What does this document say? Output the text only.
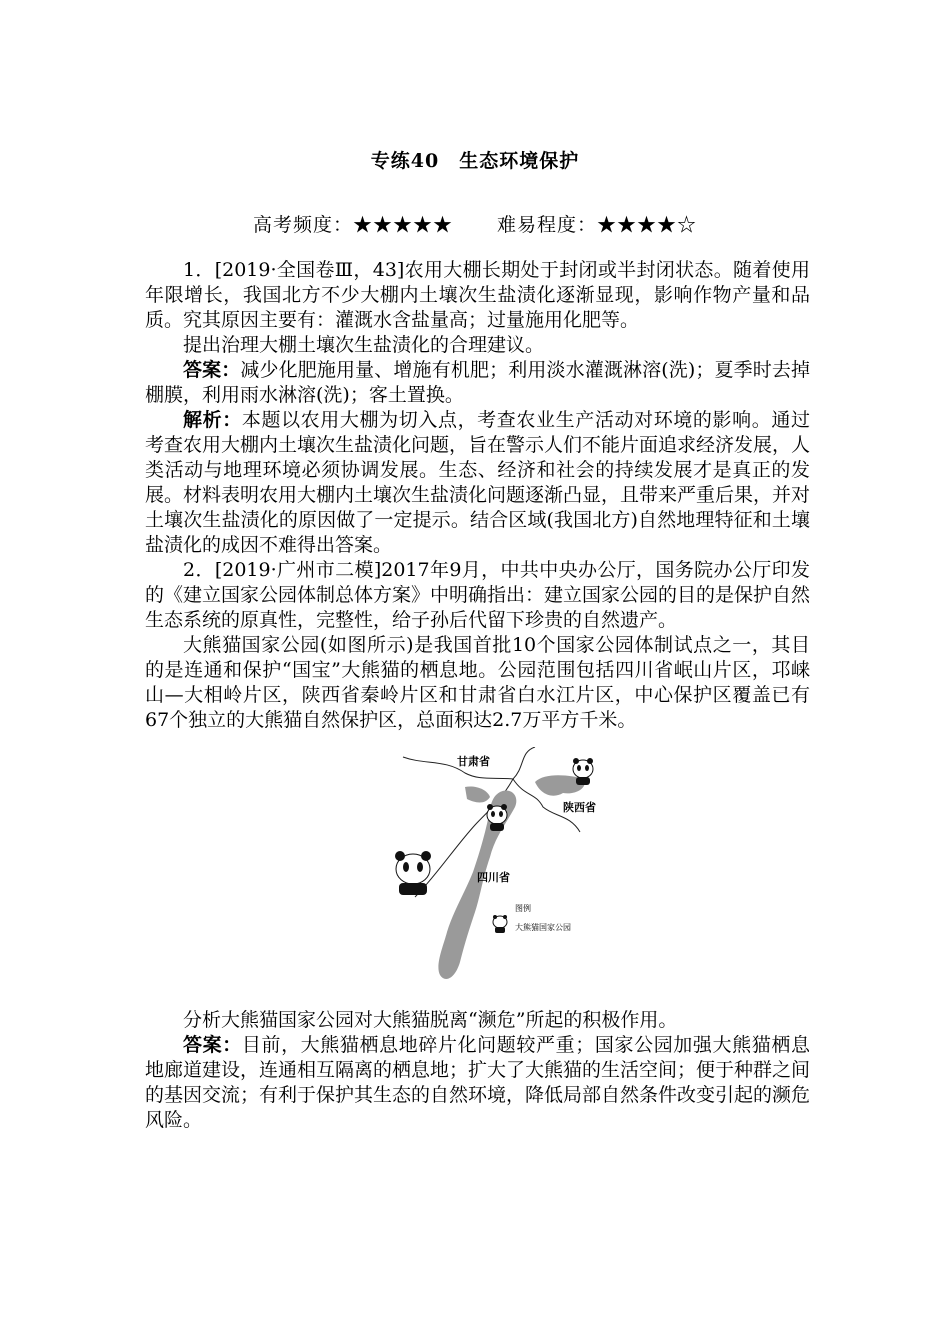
专练40　生态环境保护
高考频度：★★★★★ 难易程度：★★★★☆

1．[2019·全国卷Ⅲ，43]农用大棚长期处于封闭或半封闭状态。随着使用年限增长，我国北方不少大棚内土壤次生盐渍化逐渐显现，影响作物产量和品质。究其原因主要有：灌溉水含盐量高；过量施用化肥等。

提出治理大棚土壤次生盐渍化的合理建议。

答案：减少化肥施用量、增施有机肥；利用淡水灌溉淋溶(洗)；夏季时去掉棚膜，利用雨水淋溶(洗)；客土置换。

解析：本题以农用大棚为切入点，考查农业生产活动对环境的影响。通过考查农用大棚内土壤次生盐渍化问题，旨在警示人们不能片面追求经济发展，人类活动与地理环境必须协调发展。生态、经济和社会的持续发展才是真正的发展。材料表明农用大棚内土壤次生盐渍化问题逐渐凸显，且带来严重后果，并对土壤次生盐渍化的原因做了一定提示。结合区域(我国北方)自然地理特征和土壤盐渍化的成因不难得出答案。

2．[2019·广州市二模]2017年9月，中共中央办公厅，国务院办公厅印发的《建立国家公园体制总体方案》中明确指出：建立国家公园的目的是保护自然生态系统的原真性，完整性，给子孙后代留下珍贵的自然遗产。

大熊猫国家公园(如图所示)是我国首批10个国家公园体制试点之一，其目的是连通和保护“国宝”大熊猫的栖息地。公园范围包括四川省岷山片区，邛崃山—大相岭片区，陕西省秦岭片区和甘肃省白水江片区，中心保护区覆盖已有67个独立的大熊猫自然保护区，总面积达2.7万平方千米。

甘肃省
陕西省
四川省
图例
大熊猫国家公园

分析大熊猫国家公园对大熊猫脱离“濒危”所起的积极作用。

答案：目前，大熊猫栖息地碎片化问题较严重；国家公园加强大熊猫栖息地廊道建设，连通相互隔离的栖息地；扩大了大熊猫的生活空间；便于种群之间的基因交流；有利于保护其生态的自然环境，降低局部自然条件改变引起的濒危风险。
